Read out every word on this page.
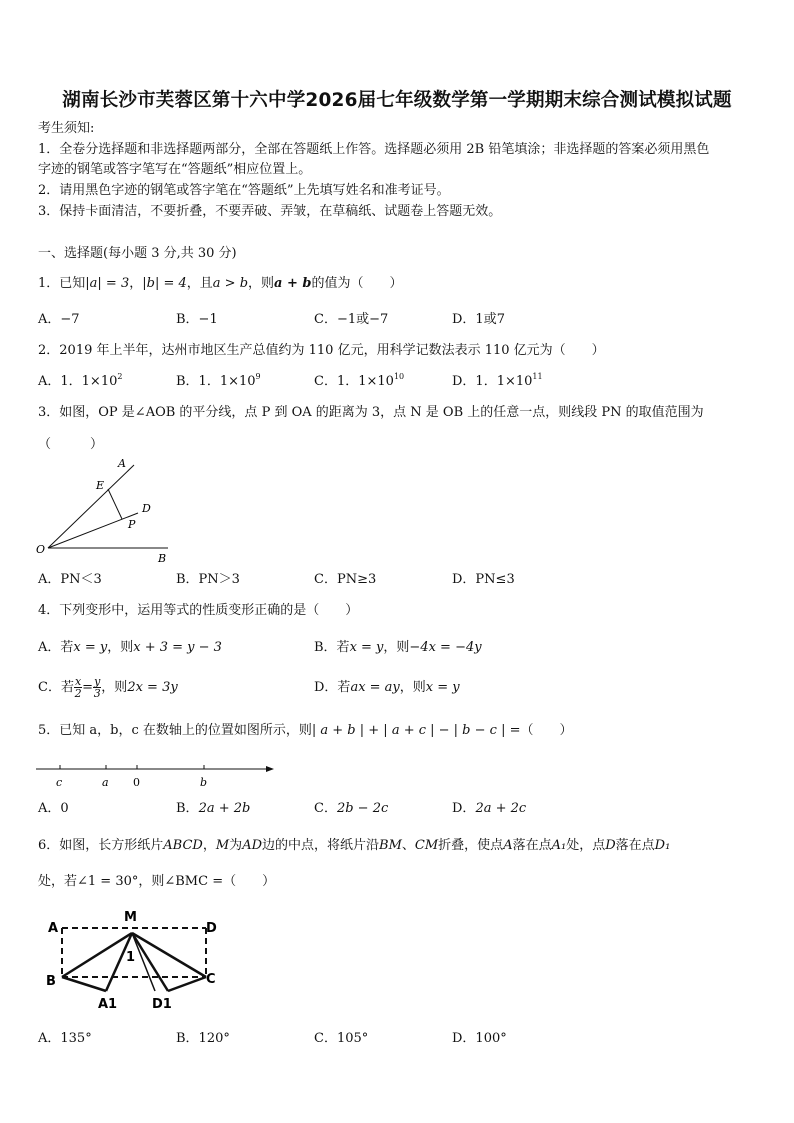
湖南长沙市芙蓉区第十六中学2026届七年级数学第一学期期末综合测试模拟试题
考生须知:
1．全卷分选择题和非选择题两部分，全部在答题纸上作答。选择题必须用 2B 铅笔填涂；非选择题的答案必须用黑色
字迹的钢笔或答字笔写在“答题纸”相应位置上。
2．请用黑色字迹的钢笔或答字笔在“答题纸”上先填写姓名和准考证号。
3．保持卡面清洁，不要折叠，不要弄破、弄皱，在草稿纸、试题卷上答题无效。
一、选择题(每小题 3 分,共 30 分)
1．已知|a| = 3，|b| = 4，且a > b，则a + b的值为（　　）
A．−7	B．−1	C．−1或−7	D．1或7
2．2019 年上半年，达州市地区生产总值约为 110 亿元，用科学记数法表示 110 亿元为（　　）
A．1．$1\times 10^2$	B．1．$1\times 10^9$	C．1．$1\times 10^{10}$	D．1．$1\times 10^{11}$
3．如图，OP 是∠AOB 的平分线，点 P 到 OA 的距离为 3，点 N 是 OB 上的任意一点，则线段 PN 的取值范围为
（　　　）
A
E
D
P
O
B
A．PN＜3	B．PN＞3	C．PN≥3	D．PN≤3
4．下列变形中，运用等式的性质变形正确的是（　　）
A．若x = y，则x + 3 = y − 3	B．若x = y，则−4x = −4y
C．若 $\frac{x}{2} = \frac{y}{3}$ ，则2x = 3y	D．若ax = ay，则x = y
5．已知 a，b，c 在数轴上的位置如图所示，则| a + b | + | a + c | − | b − c | =（　　）
c	a 0	b
A．0	B．2a + 2b	C．2b − 2c	D．2a + 2c
6．如图，长方形纸片ABCD，M为AD边的中点，将纸片沿BM、CM折叠，使点A落在点A₁处，点D落在点D₁
处，若∠1 = 30°，则∠BMC =（　　）
A
M
D
1
B	C
A1	D1
A．135°	B．120°	C．105°	D．100°
